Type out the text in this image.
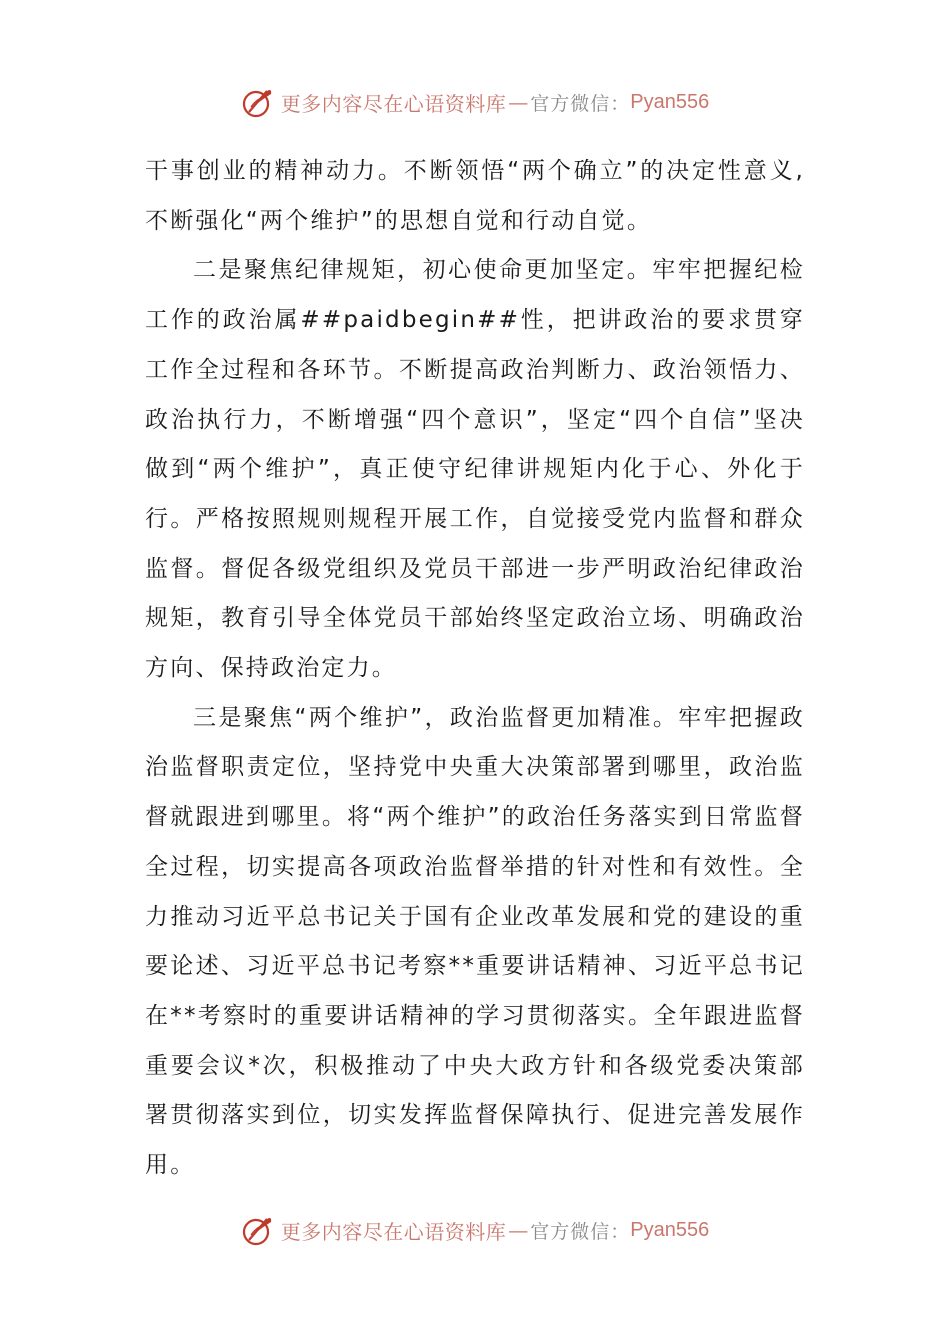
更多内容尽在心语资料库 — 官方微信： Pyan556

干事创业的精神动力。不断领悟“两个确立”的决定性意义,不断强化“两个维护”的思想自觉和行动自觉。

二是聚焦纪律规矩，初心使命更加坚定。牢牢把握纪检工作的政治属##paidbegin##性，把讲政治的要求贯穿工作全过程和各环节。不断提高政治判断力、政治领悟力、政治执行力，不断增强“四个意识”，坚定“四个自信”坚决做到“两个维护”，真正使守纪律讲规矩内化于心、外化于行。严格按照规则规程开展工作，自觉接受党内监督和群众监督。督促各级党组织及党员干部进一步严明政治纪律政治规矩，教育引导全体党员干部始终坚定政治立场、明确政治方向、保持政治定力。

三是聚焦“两个维护”，政治监督更加精准。牢牢把握政治监督职责定位，坚持党中央重大决策部署到哪里，政治监督就跟进到哪里。将“两个维护”的政治任务落实到日常监督全过程，切实提高各项政治监督举措的针对性和有效性。全力推动习近平总书记关于国有企业改革发展和党的建设的重要论述、习近平总书记考察**重要讲话精神、习近平总书记在**考察时的重要讲话精神的学习贯彻落实。全年跟进监督重要会议*次，积极推动了中央大政方针和各级党委决策部署贯彻落实到位，切实发挥监督保障执行、促进完善发展作用。

更多内容尽在心语资料库 — 官方微信： Pyan556
